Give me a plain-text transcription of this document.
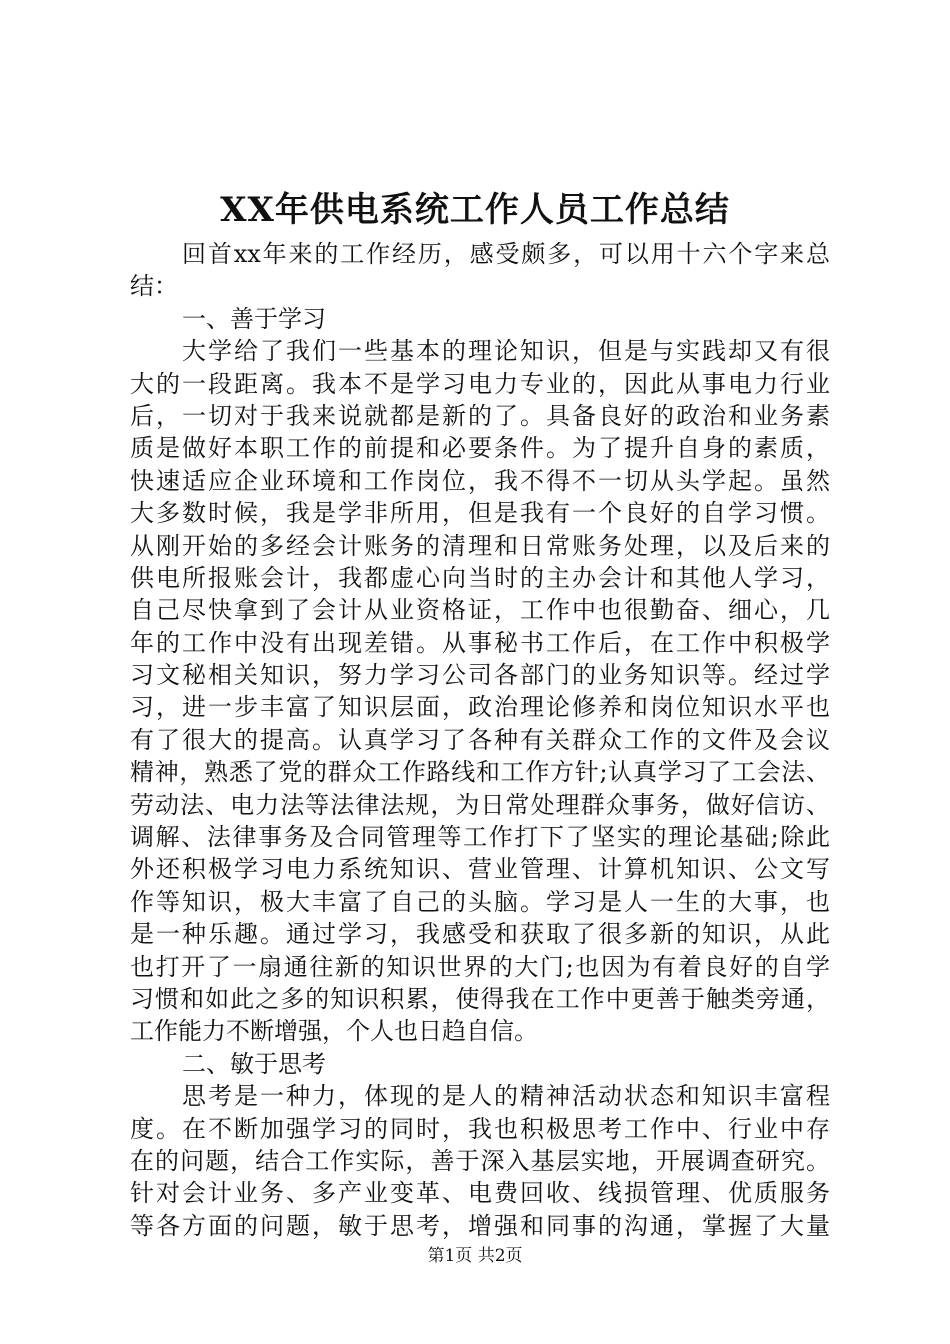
XX年供电系统工作人员工作总结
回首xx年来的工作经历，感受颇多，可以用十六个字来总
结：
一、善于学习
大学给了我们一些基本的理论知识，但是与实践却又有很
大的一段距离。我本不是学习电力专业的，因此从事电力行业
后，一切对于我来说就都是新的了。具备良好的政治和业务素
质是做好本职工作的前提和必要条件。为了提升自身的素质，
快速适应企业环境和工作岗位，我不得不一切从头学起。虽然
大多数时候，我是学非所用，但是我有一个良好的自学习惯。
从刚开始的多经会计账务的清理和日常账务处理，以及后来的
供电所报账会计，我都虚心向当时的主办会计和其他人学习，
自己尽快拿到了会计从业资格证，工作中也很勤奋、细心，几
年的工作中没有出现差错。从事秘书工作后，在工作中积极学
习文秘相关知识，努力学习公司各部门的业务知识等。经过学
习，进一步丰富了知识层面，政治理论修养和岗位知识水平也
有了很大的提高。认真学习了各种有关群众工作的文件及会议
精神，熟悉了党的群众工作路线和工作方针;认真学习了工会法、
劳动法、电力法等法律法规，为日常处理群众事务，做好信访、
调解、法律事务及合同管理等工作打下了坚实的理论基础;除此
外还积极学习电力系统知识、营业管理、计算机知识、公文写
作等知识，极大丰富了自己的头脑。学习是人一生的大事，也
是一种乐趣。通过学习，我感受和获取了很多新的知识，从此
也打开了一扇通往新的知识世界的大门;也因为有着良好的自学
习惯和如此之多的知识积累，使得我在工作中更善于触类旁通，
工作能力不断增强，个人也日趋自信。
二、敏于思考
思考是一种力，体现的是人的精神活动状态和知识丰富程
度。在不断加强学习的同时，我也积极思考工作中、行业中存
在的问题，结合工作实际，善于深入基层实地，开展调查研究。
针对会计业务、多产业变革、电费回收、线损管理、优质服务
等各方面的问题，敏于思考，增强和同事的沟通，掌握了大量
第1页 共2页
